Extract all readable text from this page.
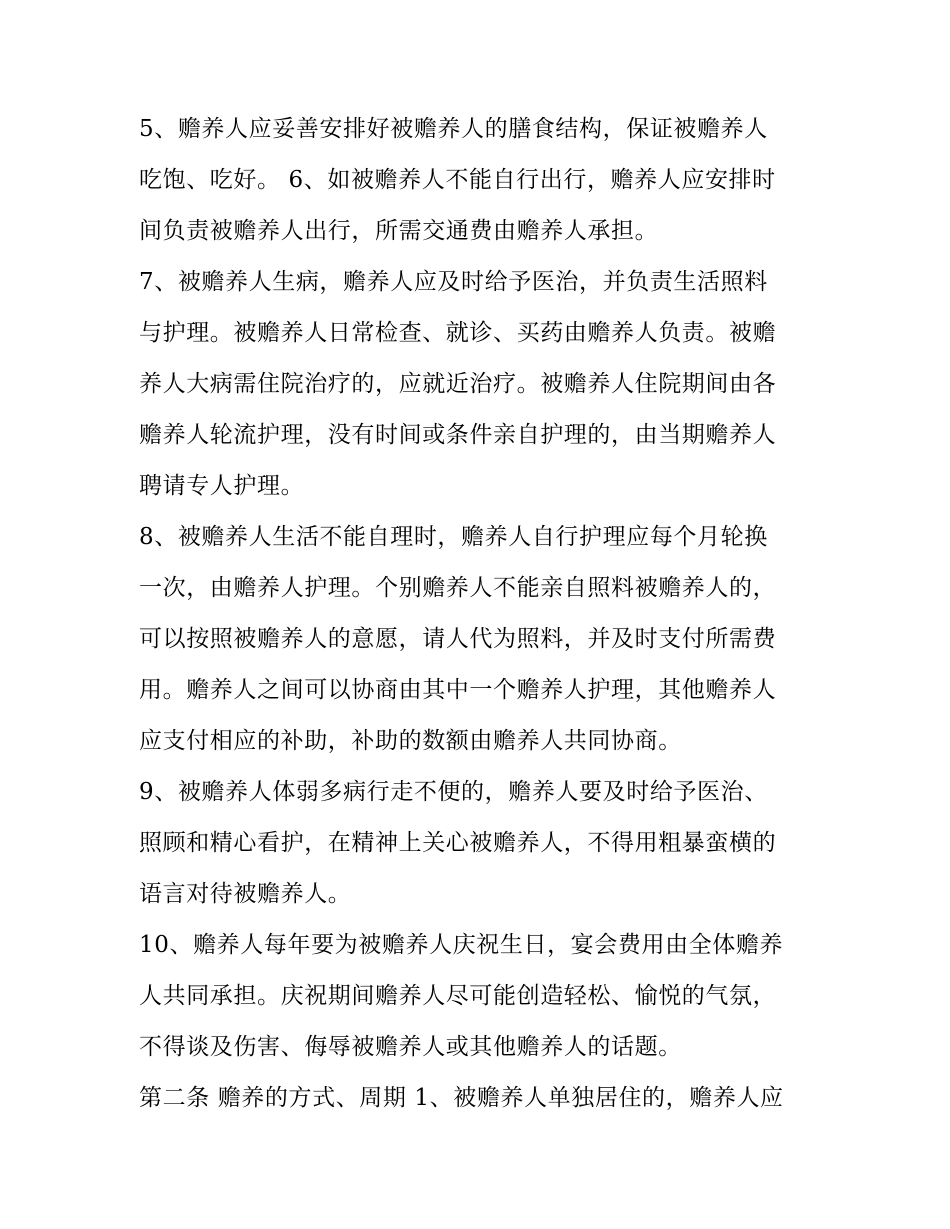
5、赡养人应妥善安排好被赡养人的膳食结构，保证被赡养人
吃饱、吃好。 6、如被赡养人不能自行出行，赡养人应安排时
间负责被赡养人出行，所需交通费由赡养人承担。
7、被赡养人生病，赡养人应及时给予医治，并负责生活照料
与护理。被赡养人日常检查、就诊、买药由赡养人负责。被赡
养人大病需住院治疗的，应就近治疗。被赡养人住院期间由各
赡养人轮流护理，没有时间或条件亲自护理的，由当期赡养人
聘请专人护理。
8、被赡养人生活不能自理时，赡养人自行护理应每个月轮换
一次，由赡养人护理。个别赡养人不能亲自照料被赡养人的，
可以按照被赡养人的意愿，请人代为照料，并及时支付所需费
用。赡养人之间可以协商由其中一个赡养人护理，其他赡养人
应支付相应的补助，补助的数额由赡养人共同协商。
9、被赡养人体弱多病行走不便的，赡养人要及时给予医治、
照顾和精心看护，在精神上关心被赡养人，不得用粗暴蛮横的
语言对待被赡养人。
10、赡养人每年要为被赡养人庆祝生日，宴会费用由全体赡养
人共同承担。庆祝期间赡养人尽可能创造轻松、愉悦的气氛，
不得谈及伤害、侮辱被赡养人或其他赡养人的话题。
第二条 赡养的方式、周期 1、被赡养人单独居住的，赡养人应
